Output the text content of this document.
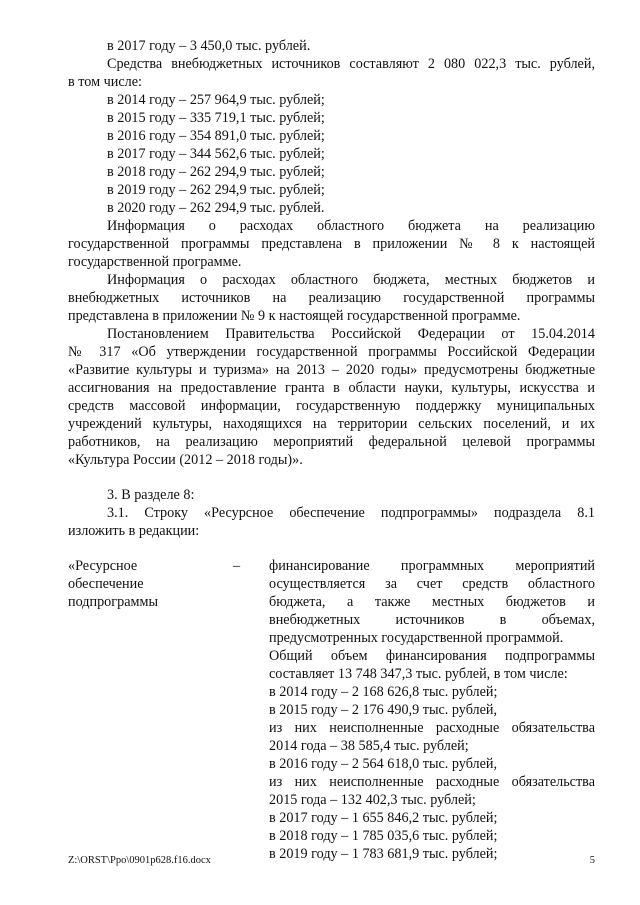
в 2017 году – 3 450,0 тыс. рублей.
Средства внебюджетных источников составляют 2 080 022,3 тыс. рублей,
в том числе:
в 2014 году – 257 964,9 тыс. рублей;
в 2015 году – 335 719,1 тыс. рублей;
в 2016 году – 354 891,0 тыс. рублей;
в 2017 году – 344 562,6 тыс. рублей;
в 2018 году – 262 294,9 тыс. рублей;
в 2019 году – 262 294,9 тыс. рублей;
в 2020 году – 262 294,9 тыс. рублей.
Информация о расходах областного бюджета на реализацию
государственной программы представлена в приложении № 8 к настоящей
государственной программе.
Информация о расходах областного бюджета, местных бюджетов и
внебюджетных источников на реализацию государственной программы
представлена в приложении № 9 к настоящей государственной программе.
Постановлением Правительства Российской Федерации от 15.04.2014
№ 317 «Об утверждении государственной программы Российской Федерации
«Развитие культуры и туризма» на 2013 – 2020 годы» предусмотрены бюджетные
ассигнования на предоставление гранта в области науки, культуры, искусства и
средств массовой информации, государственную поддержку муниципальных
учреждений культуры, находящихся на территории сельских поселений, и их
работников, на реализацию мероприятий федеральной целевой программы
«Культура России (2012 – 2018 годы)».
3. В разделе 8:
3.1. Строку «Ресурсное обеспечение подпрограммы» подраздела 8.1
изложить в редакции:
«Ресурсное
обеспечение
подпрограммы
– финансирование программных мероприятий
осуществляется за счет средств областного
бюджета, а также местных бюджетов и
внебюджетных источников в объемах,
предусмотренных государственной программой.
Общий объем финансирования подпрограммы
составляет 13 748 347,3 тыс. рублей, в том числе:
в 2014 году – 2 168 626,8 тыс. рублей;
в 2015 году – 2 176 490,9 тыс. рублей,
из них неисполненные расходные обязательства
2014 года – 38 585,4 тыс. рублей;
в 2016 году – 2 564 618,0 тыс. рублей,
из них неисполненные расходные обязательства
2015 года – 132 402,3 тыс. рублей;
в 2017 году – 1 655 846,2 тыс. рублей;
в 2018 году – 1 785 035,6 тыс. рублей;
в 2019 году – 1 783 681,9 тыс. рублей;
Z:\ORST\Ppo\0901p628.f16.docx	5
